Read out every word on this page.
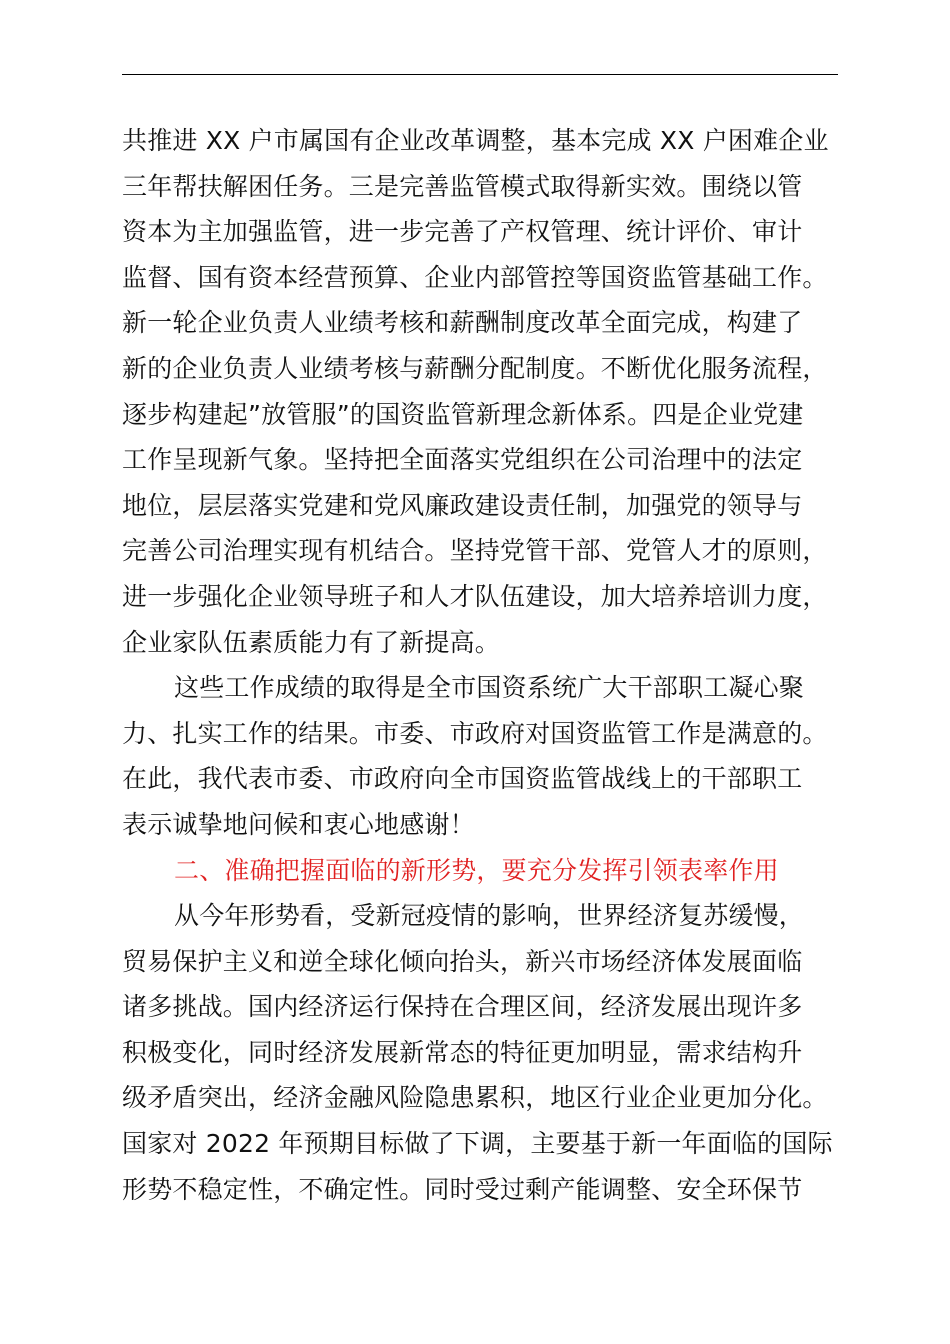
共推进 XX 户市属国有企业改革调整，基本完成 XX 户困难企业
三年帮扶解困任务。三是完善监管模式取得新实效。围绕以管
资本为主加强监管，进一步完善了产权管理、统计评价、审计
监督、国有资本经营预算、企业内部管控等国资监管基础工作。
新一轮企业负责人业绩考核和薪酬制度改革全面完成，构建了
新的企业负责人业绩考核与薪酬分配制度。不断优化服务流程，
逐步构建起”放管服”的国资监管新理念新体系。四是企业党建
工作呈现新气象。坚持把全面落实党组织在公司治理中的法定
地位，层层落实党建和党风廉政建设责任制，加强党的领导与
完善公司治理实现有机结合。坚持党管干部、党管人才的原则，
进一步强化企业领导班子和人才队伍建设，加大培养培训力度，
企业家队伍素质能力有了新提高。
这些工作成绩的取得是全市国资系统广大干部职工凝心聚
力、扎实工作的结果。市委、市政府对国资监管工作是满意的。
在此，我代表市委、市政府向全市国资监管战线上的干部职工
表示诚挚地问候和衷心地感谢！
二、准确把握面临的新形势，要充分发挥引领表率作用
从今年形势看，受新冠疫情的影响，世界经济复苏缓慢，
贸易保护主义和逆全球化倾向抬头，新兴市场经济体发展面临
诸多挑战。国内经济运行保持在合理区间，经济发展出现许多
积极变化，同时经济发展新常态的特征更加明显，需求结构升
级矛盾突出，经济金融风险隐患累积，地区行业企业更加分化。
国家对 2022 年预期目标做了下调，主要基于新一年面临的国际
形势不稳定性，不确定性。同时受过剩产能调整、安全环保节
